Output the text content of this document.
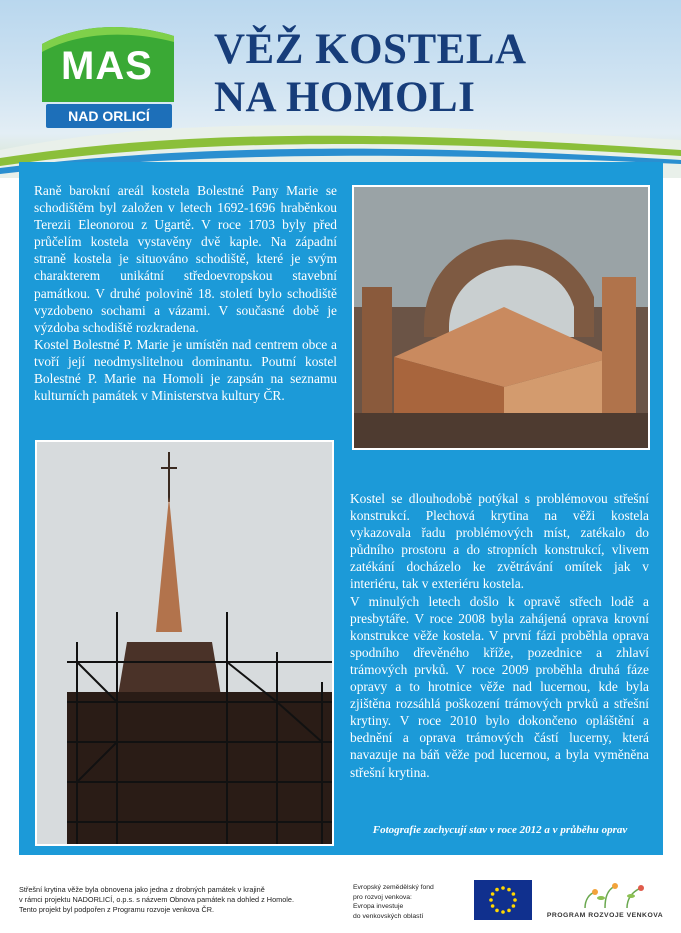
MAS
NAD ORLICÍ
VĚŽ KOSTELA
NA HOMOLI

Raně barokní areál kostela Bolestné Pany Marie se schodištěm byl založen v letech 1692-1696 hraběnkou Terezii Eleonorou z Ugartě. V roce 1703 byly před průčelím kostela vystavěny dvě kaple. Na západní straně kostela je situováno schodiště, které je svým charakterem unikátní středoevropskou stavební památkou. V druhé polovině 18. století bylo schodiště vyzdobeno sochami a vázami. V současné době je výzdoba schodiště rozkradena.

Kostel Bolestné P. Marie je umístěn nad centrem obce a tvoří její neodmyslitelnou dominantu. Poutní kostel Bolestné P. Marie na Homoli je zapsán na seznamu kulturních památek v Ministerstva kultury ČR.

Kostel se dlouhodobě potýkal s problémovou střešní konstrukcí. Plechová krytina na věži kostela vykazovala řadu problémových míst, zatékalo do půdního prostoru a do stropních konstrukcí, vlivem zatékání docházelo ke zvětrávání omítek jak v interiéru, tak v exteriéru kostela.

V minulých letech došlo k opravě střech lodě a presbytáře. V roce 2008 byla zahájená oprava krovní konstrukce věže kostela. V první fázi proběhla oprava spodního dřevěného kříže, pozednice a zhlaví trámových prvků. V roce 2009 proběhla druhá fáze opravy a to hrotnice věže nad lucernou, kde byla zjištěna rozsáhlá poškození trámových prvků a střešní krytiny. V roce 2010 bylo dokončeno opláštění a bednění a oprava trámových částí lucerny, která navazuje na báň věže pod lucernou, a byla vyměněna střešní krytina.

Fotografie zachycují stav v roce 2012 a v průběhu oprav
Střešní krytina věže byla obnovena jako jedna z drobných památek v krajině
v rámci projektu NADORLICÍ, o.p.s. s názvem Obnova památek na dohled z Homole.
Tento projekt byl podpořen z Programu rozvoje venkova ČR.
Evropský zemědělský fond
pro rozvoj venkova:
Evropa investuje
do venkovských oblastí	PROGRAM ROZVOJE VENKOVA
